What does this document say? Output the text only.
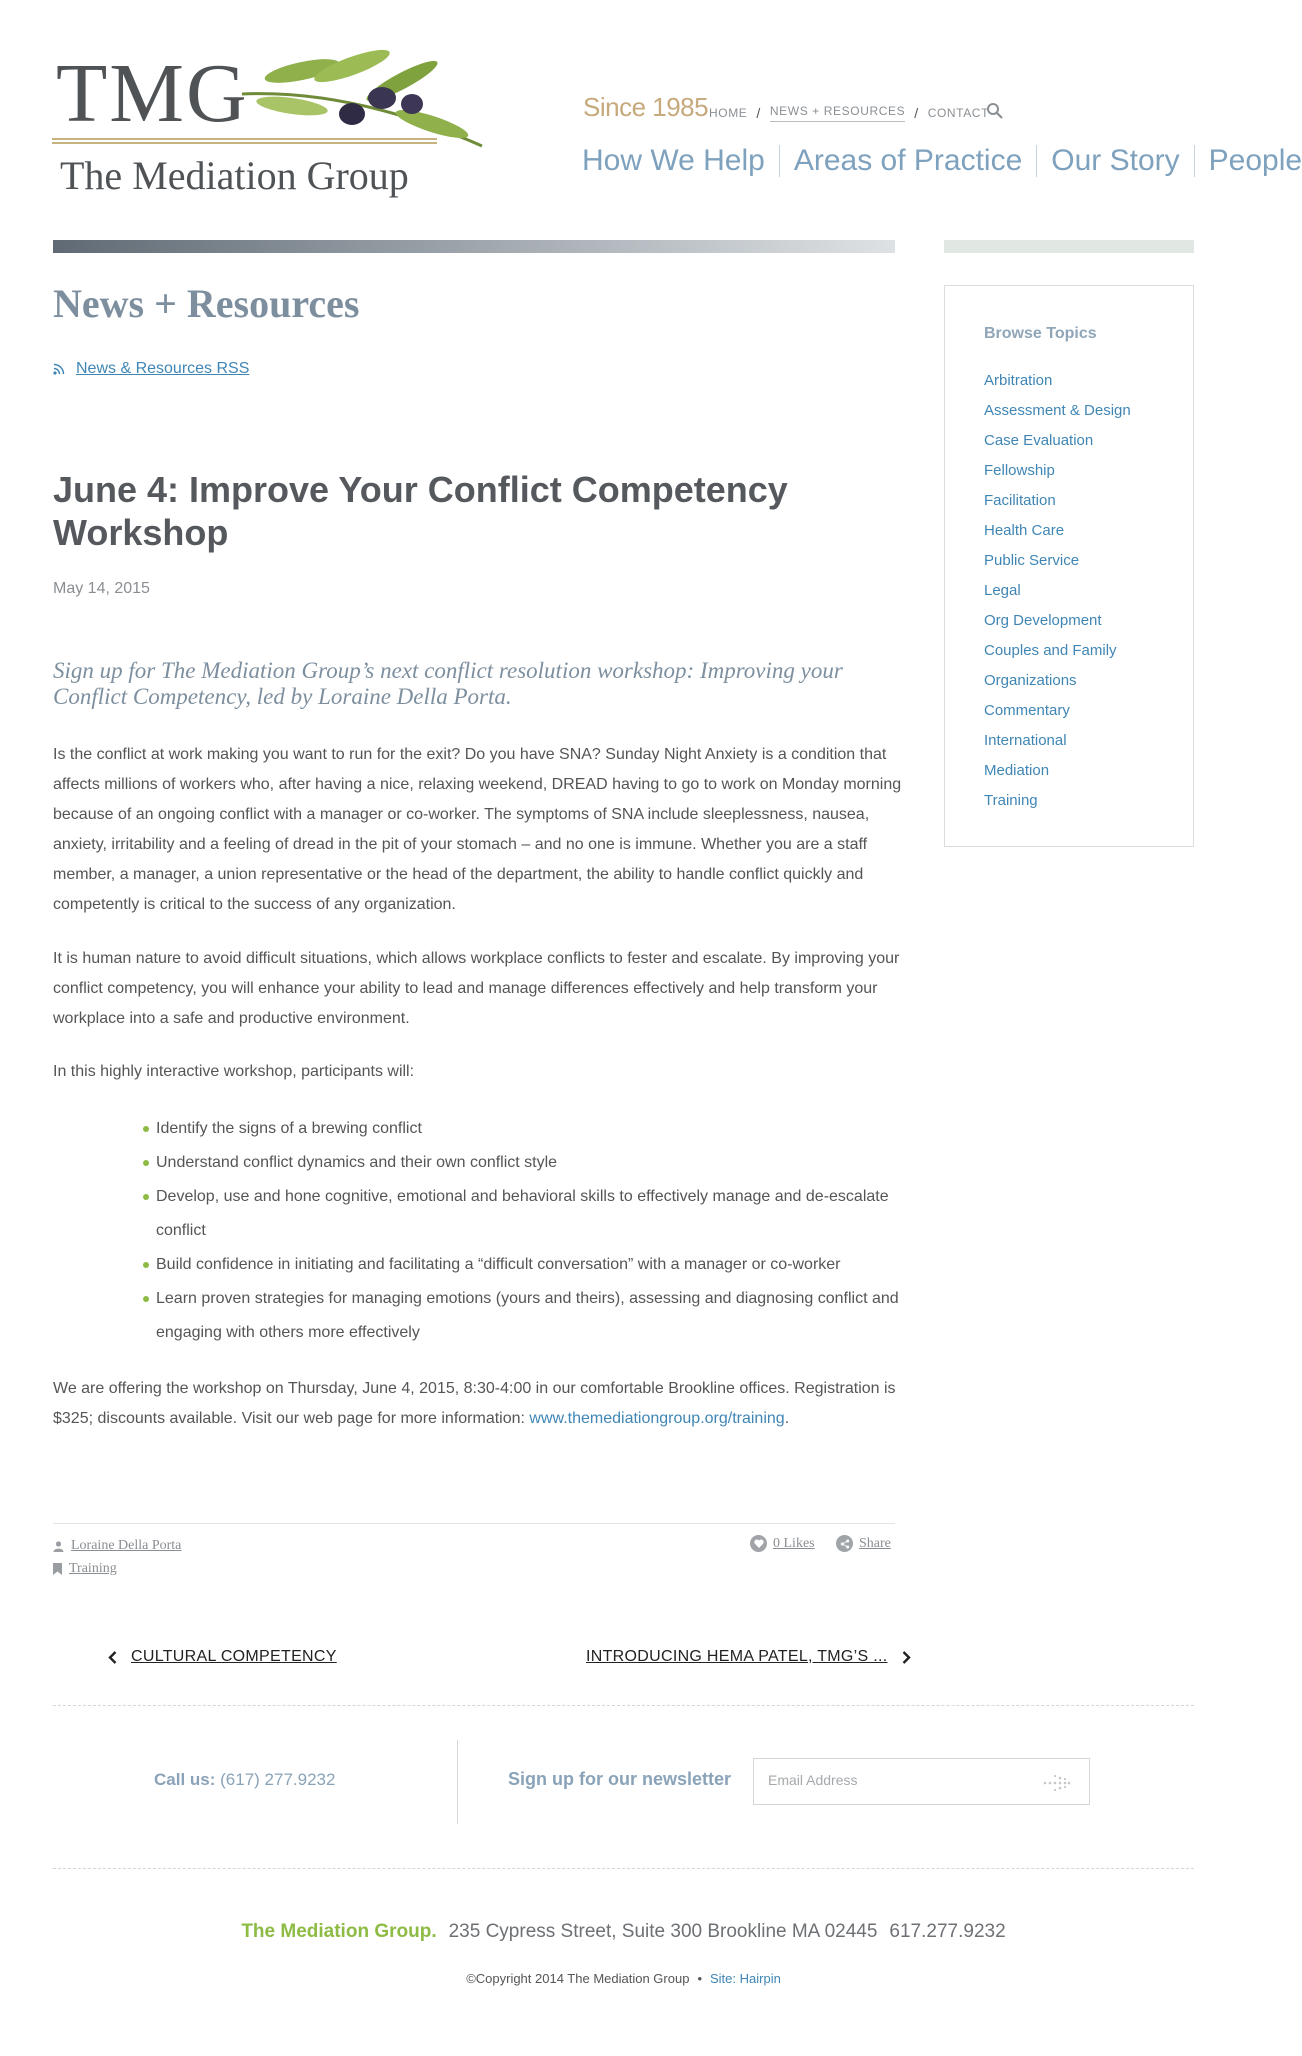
TMG
The Mediation Group
Since 1985 HOME / NEWS + RESOURCES / CONTACT
How We Help Areas of Practice Our Story People
News + Resources
News & Resources RSS
June 4: Improve Your Conflict Competency Workshop
May 14, 2015

Sign up for The Mediation Group’s next conflict resolution workshop: Improving your Conflict Competency, led by Loraine Della Porta.

Is the conflict at work making you want to run for the exit? Do you have SNA? Sunday Night Anxiety is a condition that affects millions of workers who, after having a nice, relaxing weekend, DREAD having to go to work on Monday morning because of an ongoing conflict with a manager or co-worker. The symptoms of SNA include sleeplessness, nausea, anxiety, irritability and a feeling of dread in the pit of your stomach – and no one is immune. Whether you are a staff member, a manager, a union representative or the head of the department, the ability to handle conflict quickly and competently is critical to the success of any organization.

It is human nature to avoid difficult situations, which allows workplace conflicts to fester and escalate. By improving your conflict competency, you will enhance your ability to lead and manage differences effectively and help transform your workplace into a safe and productive environment.

In this highly interactive workshop, participants will:

Identify the signs of a brewing conflict
Understand conflict dynamics and their own conflict style
Develop, use and hone cognitive, emotional and behavioral skills to effectively manage and de-escalate conflict
Build confidence in initiating and facilitating a “difficult conversation” with a manager or co-worker
Learn proven strategies for managing emotions (yours and theirs), assessing and diagnosing conflict and engaging with others more effectively

We are offering the workshop on Thursday, June 4, 2015, 8:30-4:00 in our comfortable Brookline offices. Registration is $325; discounts available. Visit our web page for more information: www.themediationgroup.org/training.

Loraine Della Porta
Training
0 Likes	Share
CULTURAL COMPETENCY	INTRODUCING HEMA PATEL, TMG’S ...
Call us: (617) 277.9232	Sign up for our newsletter
Email Address
The Mediation Group. 235 Cypress Street, Suite 300 Brookline MA 02445 617.277.9232
©Copyright 2014 The Mediation Group • Site: Hairpin
Browse Topics
Arbitration
Assessment & Design
Case Evaluation
Fellowship
Facilitation
Health Care
Public Service
Legal
Org Development
Couples and Family
Organizations
Commentary
International
Mediation
Training
